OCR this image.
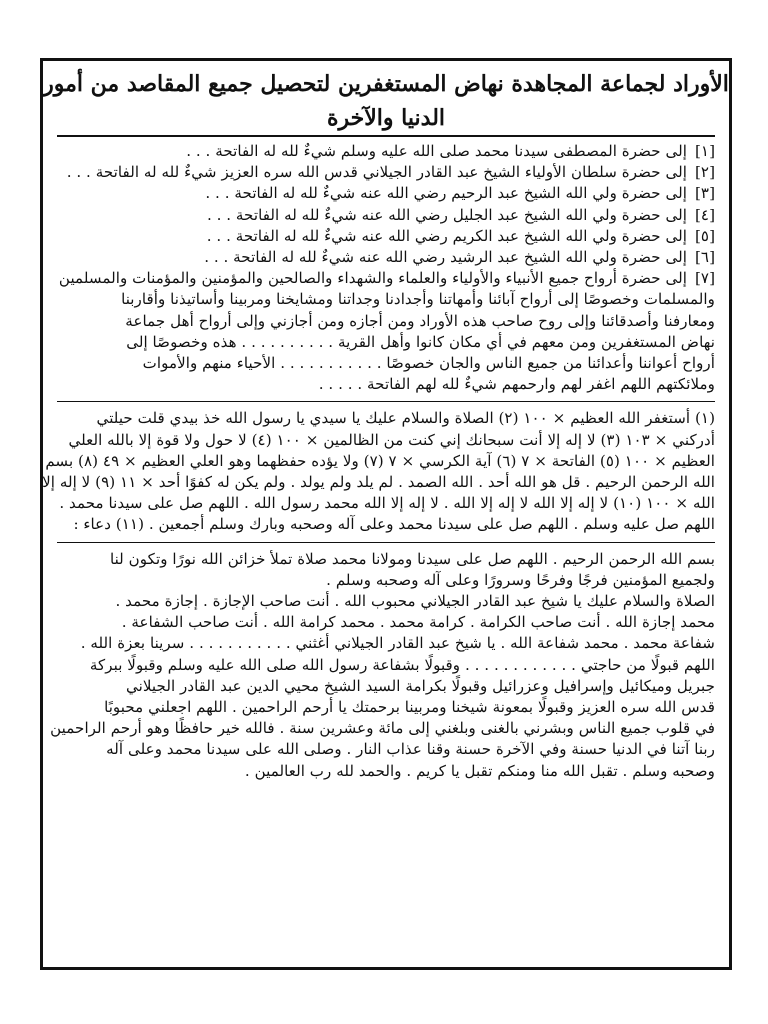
الأوراد لجماعة المجاهدة نهاض المستغفرين لتحصيل جميع المقاصد من أمور الدنيا والآخرة
[١]إلى حضرة المصطفى سيدنا محمد صلى الله عليه وسلم شيءٌ لله له الفاتحة . . .
[٢]إلى حضرة سلطان الأولياء الشيخ عبد القادر الجيلاني قدس الله سره العزيز شيءٌ لله له الفاتحة . . .
[٣]إلى حضرة ولي الله الشيخ عبد الرحيم رضي الله عنه شيءٌ لله له الفاتحة . . .
[٤]إلى حضرة ولي الله الشيخ عبد الجليل رضي الله عنه شيءٌ لله له الفاتحة . . .
[٥]إلى حضرة ولي الله الشيخ عبد الكريم رضي الله عنه شيءٌ لله له الفاتحة . . .
[٦]إلى حضرة ولي الله الشيخ عبد الرشيد رضي الله عنه شيءٌ لله له الفاتحة . . .
[٧]إلى حضرة أرواح جميع الأنبياء والأولياء والعلماء والشهداء والصالحين والمؤمنين والمؤمنات والمسلمين
والمسلمات وخصوصًا إلى أرواح آبائنا وأمهاتنا وأجدادنا وجداتنا ومشايخنا ومربينا وأساتيذنا وأقاربنا
ومعارفنا وأصدقائنا وإلى روح صاحب هذه الأوراد ومن أجازه ومن أجازني وإلى أرواح أهل جماعة
نهاض المستغفرين ومن معهم في أي مكان كانوا وأهل القرية . . . . . . . . . . هذه وخصوصًا إلى
أرواح أعواننا وأعدائنا من جميع الناس والجان خصوصًا . . . . . . . . . . . الأحياء منهم والأموات
وملائكتهم اللهم اغفر لهم وارحمهم شيءٌ لله لهم الفاتحة . . . . .
(١) أستغفر الله العظيم × ١٠٠ (٢) الصلاة والسلام عليك يا سيدي يا رسول الله خذ بيدي قلت حيلتي
أدركني × ١٠٣ (٣) لا إله إلا أنت سبحانك إني كنت من الظالمين × ١٠٠ (٤) لا حول ولا قوة إلا بالله العلي
العظيم × ١٠٠ (٥) الفاتحة × ٧ (٦) آية الكرسي × ٧ (٧) ولا يؤده حفظهما وهو العلي العظيم × ٤٩ (٨) بسم
الله الرحمن الرحيم . قل هو الله أحد . الله الصمد . لم يلد ولم يولد . ولم يكن له كفوًا أحد × ١١ (٩) لا إله إلا
الله × ١٠٠ (١٠) لا إله إلا الله لا إله إلا الله . لا إله إلا الله محمد رسول الله . اللهم صل على سيدنا محمد .
اللهم صل عليه وسلم . اللهم صل على سيدنا محمد وعلى آله وصحبه وبارك وسلم أجمعين . (١١) دعاء :
بسم الله الرحمن الرحيم . اللهم صل على سيدنا ومولانا محمد صلاة تملأ خزائن الله نورًا وتكون لنا
ولجميع المؤمنين فرجًا وفرحًا وسرورًا وعلى آله وصحبه وسلم .
الصلاة والسلام عليك يا شيخ عبد القادر الجيلاني محبوب الله . أنت صاحب الإجازة . إجازة محمد .
محمد إجازة الله . أنت صاحب الكرامة . كرامة محمد . محمد كرامة الله . أنت صاحب الشفاعة .
شفاعة محمد . محمد شفاعة الله . يا شيخ عبد القادر الجيلاني أغثني . . . . . . . . . . . سرينا بعزة الله .
اللهم قبولًا من حاجتي . . . . . . . . . . . . وقبولًا بشفاعة رسول الله صلى الله عليه وسلم وقبولًا ببركة
جبريل وميكائيل وإسرافيل وعزرائيل وقبولًا بكرامة السيد الشيخ محيي الدين عبد القادر الجيلاني
قدس الله سره العزيز وقبولًا بمعونة شيخنا ومربينا برحمتك يا أرحم الراحمين . اللهم اجعلني محبوبًا
في قلوب جميع الناس وبشرني بالغنى وبلغني إلى مائة وعشرين سنة . فالله خير حافظًا وهو أرحم الراحمين
ربنا آتنا في الدنيا حسنة وفي الآخرة حسنة وقنا عذاب النار . وصلى الله على سيدنا محمد وعلى آله
وصحبه وسلم . تقبل الله منا ومنكم تقبل يا كريم . والحمد لله رب العالمين .
